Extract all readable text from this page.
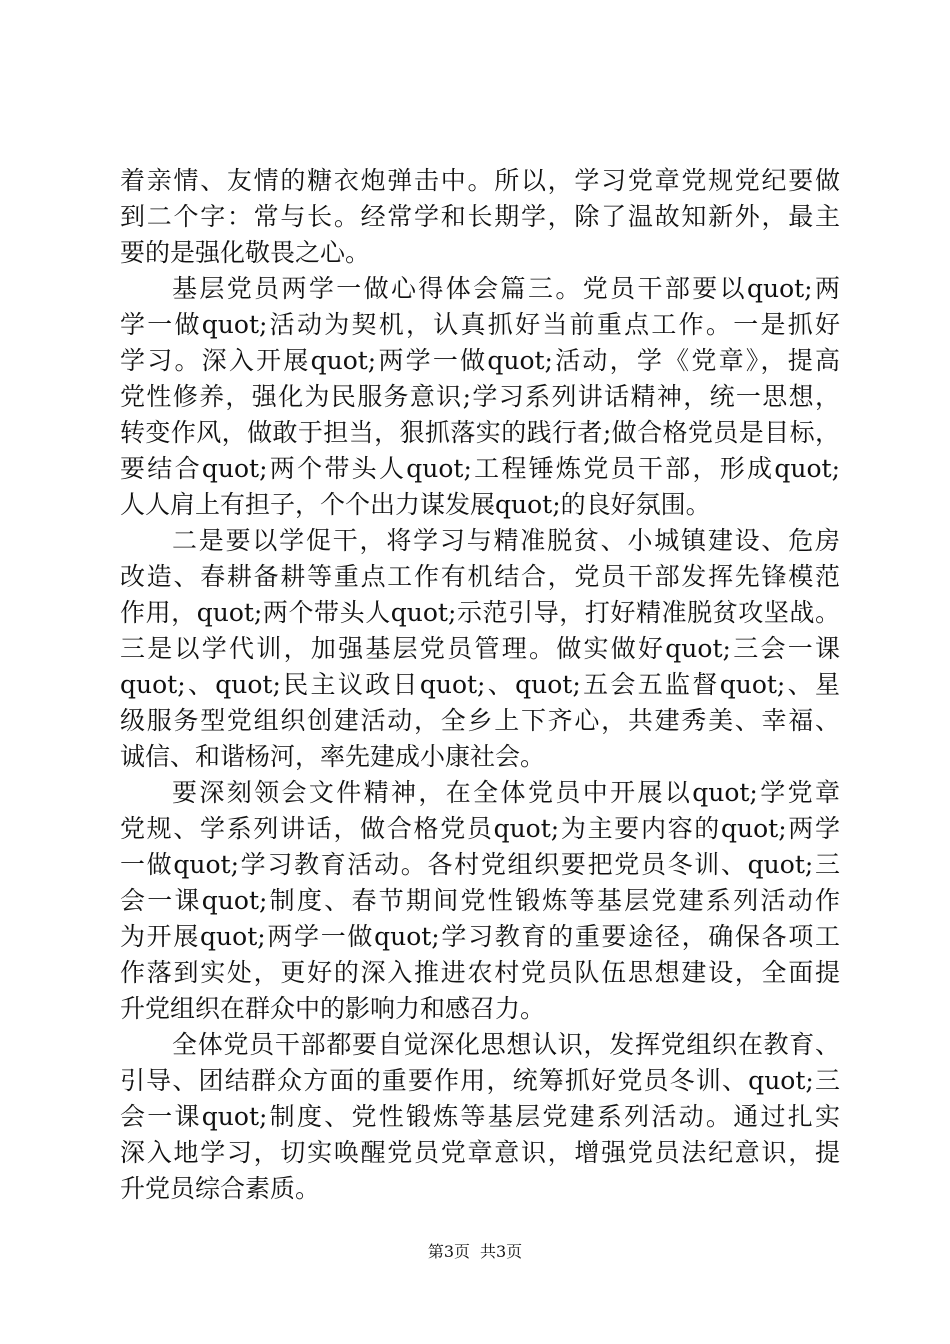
着亲情、友情的糖衣炮弹击中。所以，学习党章党规党纪要做
到二个字：常与长。经常学和长期学，除了温故知新外，最主
要的是强化敬畏之心。
基层党员两学一做心得体会篇三。党员干部要以quot;两
学一做quot;活动为契机，认真抓好当前重点工作。一是抓好
学习。深入开展quot;两学一做quot;活动，学《党章》，提高
党性修养，强化为民服务意识;学习系列讲话精神，统一思想，
转变作风，做敢于担当，狠抓落实的践行者;做合格党员是目标，
要结合quot;两个带头人quot;工程锤炼党员干部，形成quot;
人人肩上有担子，个个出力谋发展quot;的良好氛围。
二是要以学促干，将学习与精准脱贫、小城镇建设、危房
改造、春耕备耕等重点工作有机结合，党员干部发挥先锋模范
作用，quot;两个带头人quot;示范引导，打好精准脱贫攻坚战。
三是以学代训，加强基层党员管理。做实做好quot;三会一课
quot;、quot;民主议政日quot;、quot;五会五监督quot;、星
级服务型党组织创建活动，全乡上下齐心，共建秀美、幸福、
诚信、和谐杨河，率先建成小康社会。
要深刻领会文件精神，在全体党员中开展以quot;学党章
党规、学系列讲话，做合格党员quot;为主要内容的quot;两学
一做quot;学习教育活动。各村党组织要把党员冬训、quot;三
会一课quot;制度、春节期间党性锻炼等基层党建系列活动作
为开展quot;两学一做quot;学习教育的重要途径，确保各项工
作落到实处，更好的深入推进农村党员队伍思想建设，全面提
升党组织在群众中的影响力和感召力。
全体党员干部都要自觉深化思想认识，发挥党组织在教育、
引导、团结群众方面的重要作用，统筹抓好党员冬训、quot;三
会一课quot;制度、党性锻炼等基层党建系列活动。通过扎实
深入地学习，切实唤醒党员党章意识，增强党员法纪意识，提
升党员综合素质。
第3页 共3页
